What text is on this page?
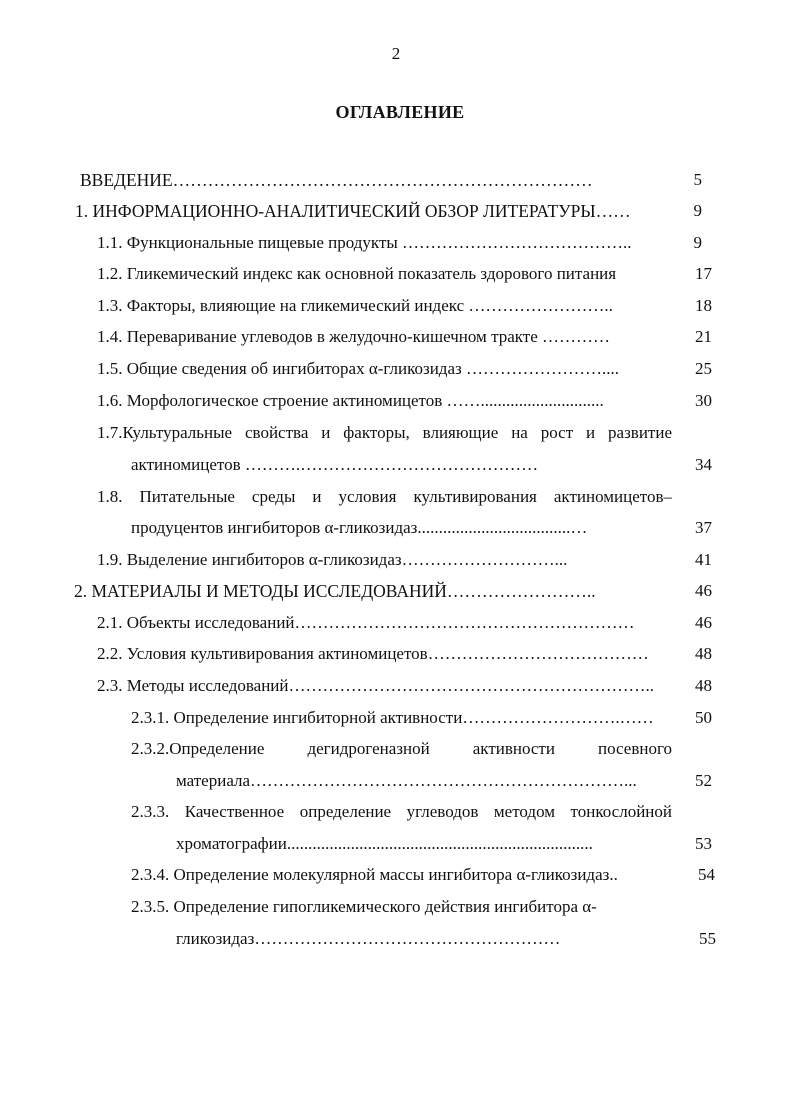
2
ОГЛАВЛЕНИЕ
ВВЕДЕНИЕ………………………………………………………………	5
1. ИНФОРМАЦИОННО-АНАЛИТИЧЕСКИЙ ОБЗОР ЛИТЕРАТУРЫ……	9
1.1. Функциональные пищевые продукты …………………………………..	9
1.2. Гликемический индекс как основной показатель здорового питания	17
1.3. Факторы, влияющие на гликемический индекс ……………………..	18
1.4. Переваривание углеводов в желудочно-кишечном тракте …………	21
1.5. Общие сведения об ингибиторах α-гликозидаз ……………………....	25
1.6. Морфологическое строение актиномицетов …….............................	30
1.7.Культуральные свойства и факторы, влияющие на рост и развитие
актиномицетов ……….……………………………………	34
1.8. Питательные среды и условия культивирования актиномицетов–
продуцентов ингибиторов α-гликозидаз....................................…	37
1.9. Выделение ингибиторов α-гликозидаз………………………...	41
2. МАТЕРИАЛЫ И МЕТОДЫ ИССЛЕДОВАНИЙ……………………..	46
2.1. Объекты исследований……………………………………………………	46
2.2. Условия культивирования актиномицетов…………………………………	48
2.3. Методы исследований………………………………………………………..	48
2.3.1. Определение ингибиторной активности……………………….……	50
2.3.2.Определение дегидрогеназной активности посевного
материала…………………………………………………………...	52
2.3.3. Качественное определение углеводов методом тонкослойной
хроматографии........................................................................	53
2.3.4. Определение молекулярной массы ингибитора α-гликозидаз..	54
2.3.5. Определение гипогликемического действия ингибитора α-
гликозидаз………………………………………………	55
